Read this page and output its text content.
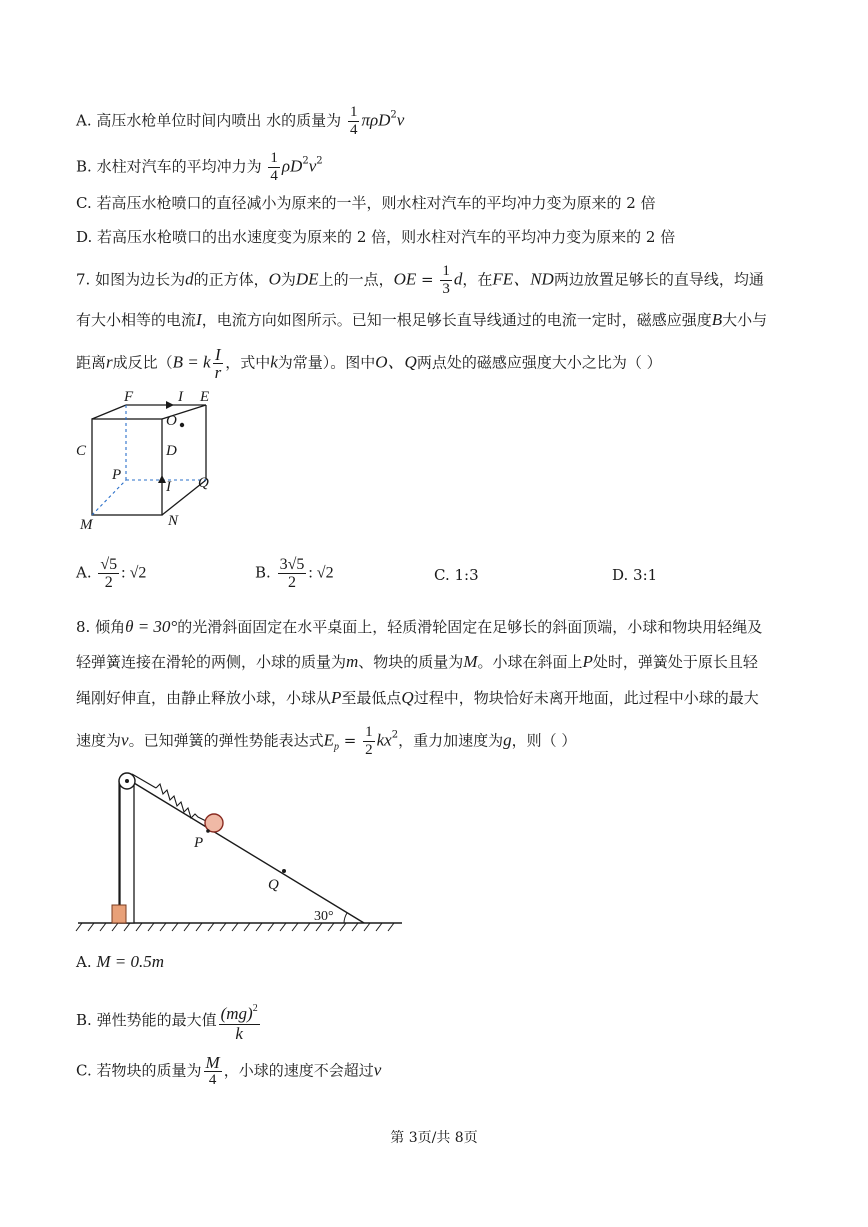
A. 高压水枪单位时间内喷出 水的质量为 $\frac{1}{4} \pi\rho D^2v$
B. 水柱对汽车的平均冲力为 $\frac{1}{4} \rho D^2v^2$
C. 若高压水枪喷口的直径减小为原来的一半，则水柱对汽车的平均冲力变为原来的 2 倍
D. 若高压水枪喷口的出水速度变为原来的 2 倍，则水柱对汽车的平均冲力变为原来的 2 倍
7. 如图为边长为d的正方体，O为DE上的一点，OE = $\frac{1}{3}$ d，在FE、ND两边放置足够长的直导线，均通
有大小相等的电流I，电流方向如图所示。已知一根足够长直导线通过的电流一定时，磁感应强度B大小与
距离r成反比（B = k $\frac{I}{r}$ ，式中k为常量）。图中O、Q两点处的磁感应强度大小之比为（ ）
F	I E
O
C	D
P
I Q
M	N
A. $\frac{√5}{2}$ : √2	B. $\frac{3√5}{2}$ : √2	C. 1:3	D. 3:1
8. 倾角θ = 30°的光滑斜面固定在水平桌面上，轻质滑轮固定在足够长的斜面顶端，小球和物块用轻绳及
轻弹簧连接在滑轮的两侧，小球的质量为m、物块的质量为M。小球在斜面上P处时，弹簧处于原长且轻
绳刚好伸直，由静止释放小球，小球从P至最低点Q过程中，物块恰好未离开地面，此过程中小球的最大
速度为v。已知弹簧的弹性势能表达式$E_p = \frac{1}{2} kx^2$，重力加速度为g，则（ ）
P
Q
30°
A. M = 0.5m
B. 弹性势能的最大值 $\frac{(mg)^2}{k}$
C. 若物块的质量为 $\frac{M}{4}$ ，小球的速度不会超过v
第 3页/共 8页
